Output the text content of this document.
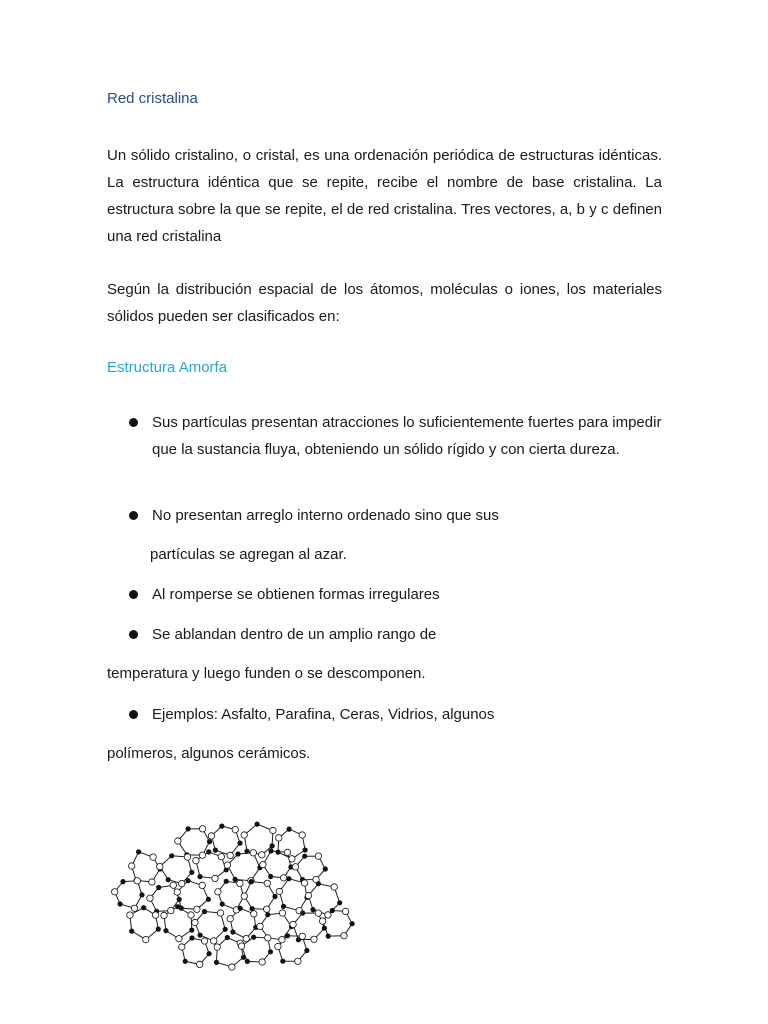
Red cristalina

Un sólido cristalino, o cristal, es una ordenación periódica de estructuras idénticas. La estructura idéntica que se repite, recibe el nombre de base cristalina. La estructura sobre la que se repite, el de red cristalina. Tres vectores, a, b y c definen una red cristalina

Según la distribución espacial de los átomos, moléculas o iones, los materiales sólidos pueden ser clasificados en:

Estructura Amorfa

Sus partículas presentan atracciones lo suficientemente fuertes para impedir que la sustancia fluya, obteniendo un sólido rígido y con cierta dureza.

No presentan arreglo interno ordenado sino que sus

partículas se agregan al azar.

Al romperse se obtienen formas irregulares

Se ablandan dentro de un amplio rango de

temperatura y luego funden o se descomponen.

Ejemplos: Asfalto, Parafina, Ceras, Vidrios, algunos

polímeros, algunos cerámicos.
